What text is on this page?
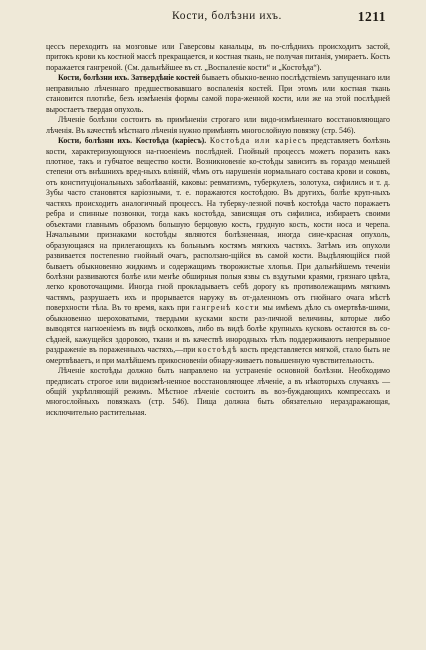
Кости, болѣзни ихъ.	1211

цессъ переходитъ на мозговые или Гаверсовы канальцы, въ по-слѣднихъ происходитъ застой, притокъ крови къ костной массѣ прекращается, и костная ткань, не получая питанія, умираетъ. Кость поражается гангреной. (См. дальнѣйшее въ ст. „Воспаленіе кости“ и „Костоѣда“).

Кости, болѣзни ихъ. Затвердѣніе костей бываетъ обыкно-венно послѣдствіемъ запущеннаго или неправильно лѣченнаго предшествовавшаго воспаленія костей. При этомъ или костная ткань становится плотнѣе, безъ измѣненія формы самой пора-женной кости, или же на этой послѣдней выростаетъ твердая опухоль.

Лѣченіе болѣзни состоитъ въ примѣненіи строгаго или видо-измѣненнаго восстановляющаго лѣченія. Въ качествѣ мѣстнаго лѣченія нужно примѣнять многослойную повязку (стр. 546).

Кости, болѣзни ихъ. Костоѣда (каріесъ). Костоѣда или каріесъ представляетъ болѣзнь кости, характеризующуюся на-гноеніемъ послѣдней. Гнойный процессъ можетъ поразить какъ плотное, такъ и губчатое вещество кости. Возникновеніе ко-стоѣды зависитъ въ гораздо меньшей степени отъ внѣшнихъ вред-ныхъ вліяній, чѣмъ отъ нарушенія нормальнаго состава крови и соковъ, отъ конституціональныхъ заболѣваній, каковы: ревматизмъ, туберкулезъ, золотуха, сифилисъ и т. д. Зубы часто становятся каріозными, т. е. поражаются костоѣдою. Въ другихъ, болѣе круп-ныхъ частяхъ происходитъ аналогичный процессъ. На туберку-лезной почвѣ костоѣда часто поражаетъ ребра и спинные позвонки, тогда какъ костоѣда, зависящая отъ сифилиса, избираетъ своими объектами главнымъ образомъ большую берцовую кость, грудную кость, кости носа и черепа. Начальными признаками костоѣды являются болѣзненная, иногда сине-красная опухоль, образующаяся на прилегающихъ къ больнымъ костямъ мягкихъ частяхъ. Затѣмъ изъ опухоли развивается постепенно гнойный очагъ, расползаю-щійся въ самой кости. Выдѣляющійся гной бываетъ обыкновенно жидкимъ и содержащимъ творожистые хлопья. При дальнѣйшемъ теченіи болѣзни развиваются болѣе или менѣе обширныя полыя язвы съ вздутыми краями, грязнаго цвѣта, легко кровоточащими. Иногда гной прокладываетъ себѣ дорогу къ противолежащимъ мягкимъ частямъ, разрушаетъ ихъ и прорывается наружу въ от-даленномъ отъ гнойнаго очага мѣстѣ поверхности тѣла. Въ то время, какъ при гангренѣ кости мы имѣемъ дѣло съ омертвѣв-шими, обыкновенно шероховатыми, твердыми кусками кости раз-личной величины, которые либо выводятся нагноеніемъ въ видѣ осколковъ, либо въ видѣ болѣе крупныхъ кусковъ остаются въ со-сѣдней, кажущейся здоровою, ткани и въ качествѣ инородныхъ тѣлъ поддерживаютъ непрерывное раздраженіе въ пораженныхъ частяхъ,—при костоѣдѣ кость представляется мягкой, стало быть не омертвѣваетъ, и при малѣйшемъ прикосновеніи обнару-живаетъ повышенную чувствительность.

Лѣченіе костоѣды должно быть направлено на устраненіе основной болѣзни. Необходимо предписать строгое или видоизмѣ-ненное восстановляющее лѣченіе, а въ нѣкоторыхъ случаяхъ — общій укрѣпляющій режимъ. Мѣстное лѣченіе состоитъ въ воз-буждающихъ компрессахъ и многослойныхъ повязкахъ (стр. 546). Пища должна быть обязательно нераздражающая, исключительно растительная.
